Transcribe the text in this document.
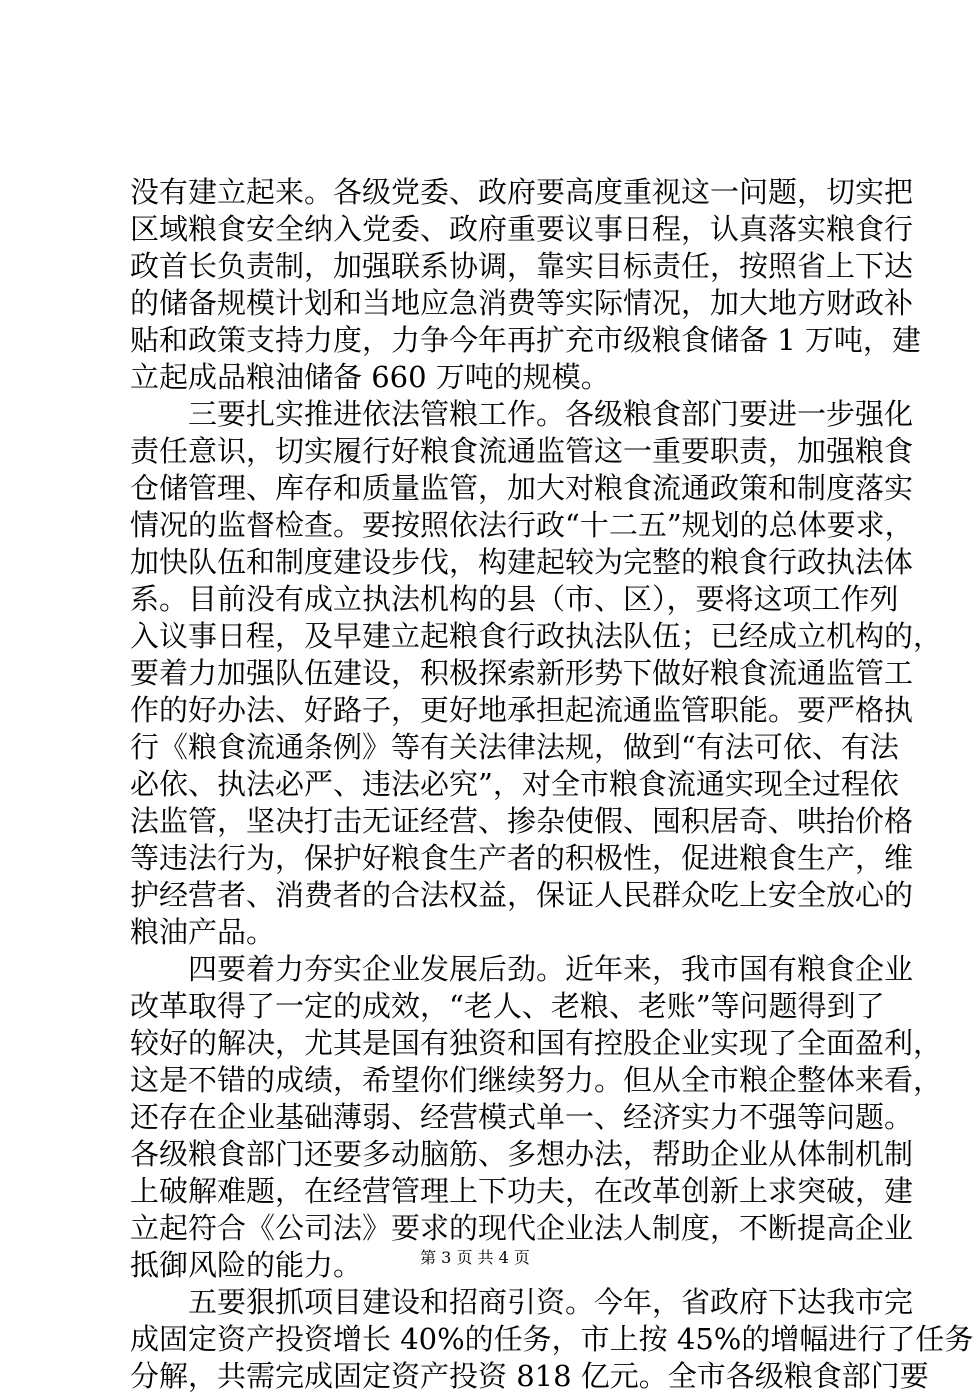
没有建立起来。各级党委、政府要高度重视这一问题，切实把
区域粮食安全纳入党委、政府重要议事日程，认真落实粮食行
政首长负责制，加强联系协调，靠实目标责任，按照省上下达
的储备规模计划和当地应急消费等实际情况，加大地方财政补
贴和政策支持力度，力争今年再扩充市级粮食储备 1 万吨，建
立起成品粮油储备 660 万吨的规模。
　　三要扎实推进依法管粮工作。各级粮食部门要进一步强化
责任意识，切实履行好粮食流通监管这一重要职责，加强粮食
仓储管理、库存和质量监管，加大对粮食流通政策和制度落实
情况的监督检查。要按照依法行政“十二五”规划的总体要求，
加快队伍和制度建设步伐，构建起较为完整的粮食行政执法体
系。目前没有成立执法机构的县（市、区），要将这项工作列
入议事日程，及早建立起粮食行政执法队伍；已经成立机构的，
要着力加强队伍建设，积极探索新形势下做好粮食流通监管工
作的好办法、好路子，更好地承担起流通监管职能。要严格执
行《粮食流通条例》等有关法律法规，做到“有法可依、有法
必依、执法必严、违法必究”，对全市粮食流通实现全过程依
法监管，坚决打击无证经营、掺杂使假、囤积居奇、哄抬价格
等违法行为，保护好粮食生产者的积极性，促进粮食生产，维
护经营者、消费者的合法权益，保证人民群众吃上安全放心的
粮油产品。
　　四要着力夯实企业发展后劲。近年来，我市国有粮食企业
改革取得了一定的成效，“老人、老粮、老账”等问题得到了
较好的解决，尤其是国有独资和国有控股企业实现了全面盈利，
这是不错的成绩，希望你们继续努力。但从全市粮企整体来看，
还存在企业基础薄弱、经营模式单一、经济实力不强等问题。
各级粮食部门还要多动脑筋、多想办法，帮助企业从体制机制
上破解难题，在经营管理上下功夫，在改革创新上求突破，建
立起符合《公司法》要求的现代企业法人制度，不断提高企业
抵御风险的能力。
　　五要狠抓项目建设和招商引资。今年，省政府下达我市完
成固定资产投资增长 40%的任务，市上按 45%的增幅进行了任务
分解，共需完成固定资产投资 818 亿元。全市各级粮食部门要
第 3 页 共 4 页
